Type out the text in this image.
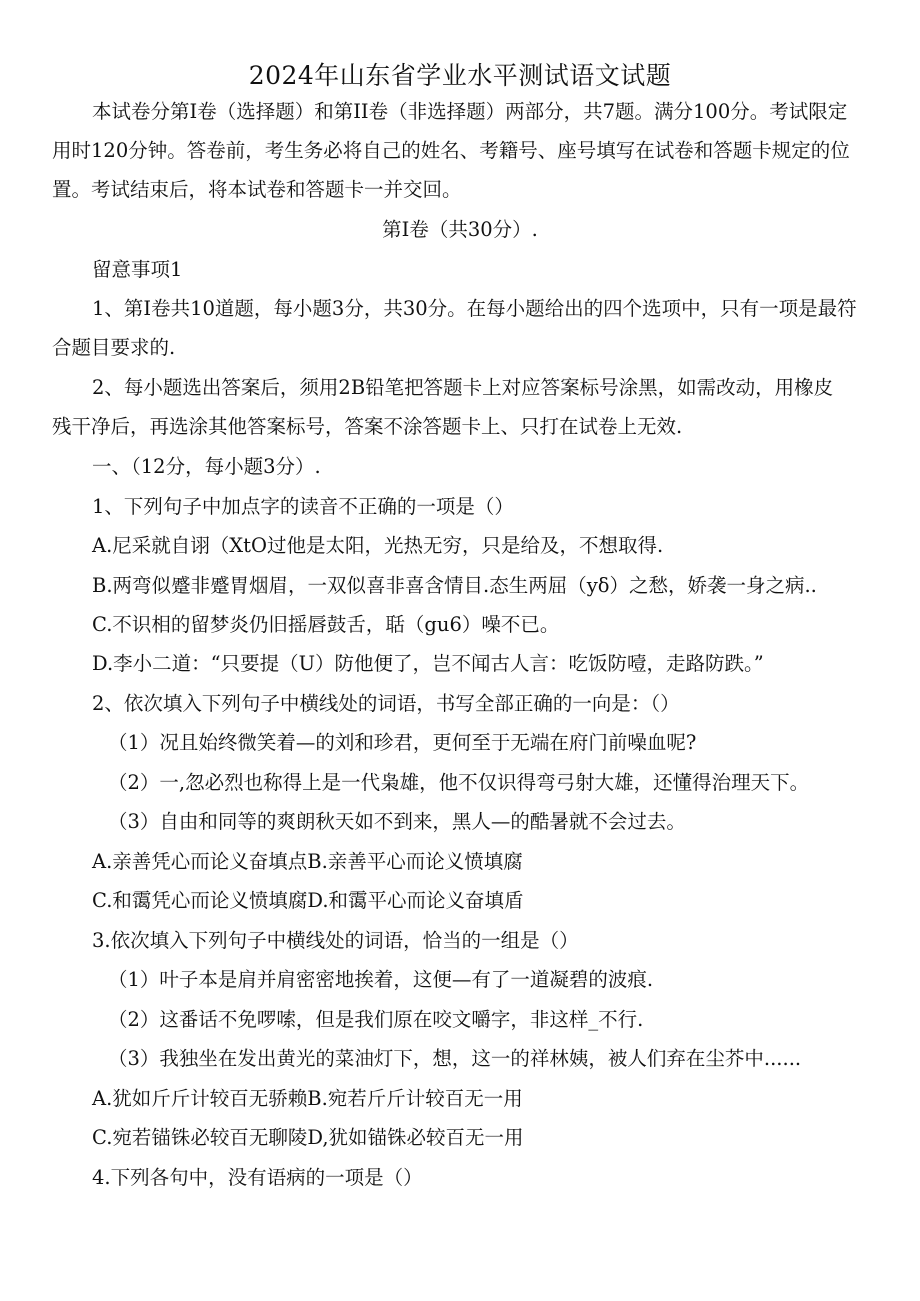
2024年山东省学业水平测试语文试题
本试卷分第I卷（选择题）和第II卷（非选择题）两部分，共7题。满分100分。考试限定
用时120分钟。答卷前，考生务必将自己的姓名、考籍号、座号填写在试卷和答题卡规定的位
置。考试结束后，将本试卷和答题卡一并交回。
第I卷（共30分）.
留意事项1
1、第I卷共10道题，每小题3分，共30分。在每小题给出的四个选项中，只有一项是最符
合题目要求的.
2、每小题选出答案后，须用2B铅笔把答题卡上对应答案标号涂黑，如需改动，用橡皮
残干净后，再选涂其他答案标号，答案不涂答题卡上、只打在试卷上无效.
一、（12分，每小题3分）.
1、下列句子中加点字的读音不正确的一项是（）
A.尼采就自诩（XtO过他是太阳，光热无穷，只是给及，不想取得.
B.两弯似蹙非蹙胃烟眉，一双似喜非喜含情目.态生两屈（yδ）之愁，娇袭一身之病..
C.不识相的留梦炎仍旧摇唇鼓舌，聒（gu6）噪不已。
D.李小二道：“只要提（U）防他便了，岂不闻古人言：吃饭防噎，走路防跌。”
2、依次填入下列句子中横线处的词语，书写全部正确的一向是：（）
（1）况且始终微笑着—的刘和珍君，更何至于无端在府门前噪血呢?
（2）一,忽必烈也称得上是一代枭雄，他不仅识得弯弓射大雄，还懂得治理天下。
（3）自由和同等的爽朗秋天如不到来，黑人—的酷暑就不会过去。
A.亲善凭心而论义奋填点B.亲善平心而论义愤填腐
C.和霭凭心而论义愤填腐D.和霭平心而论义奋填盾
3.依次填入下列句子中横线处的词语，恰当的一组是（）
（1）叶子本是肩并肩密密地挨着，这便—有了一道凝碧的波痕.
（2）这番话不免啰嗦，但是我们原在咬文嚼字，非这样_不行.
（3）我独坐在发出黄光的菜油灯下，想，这一的祥林姨，被人们弃在尘芥中......
A.犹如斤斤计较百无骄赖B.宛若斤斤计较百无一用
C.宛若锚铢必较百无聊陵D,犹如锚铢必较百无一用
4.下列各句中，没有语病的一项是（）
